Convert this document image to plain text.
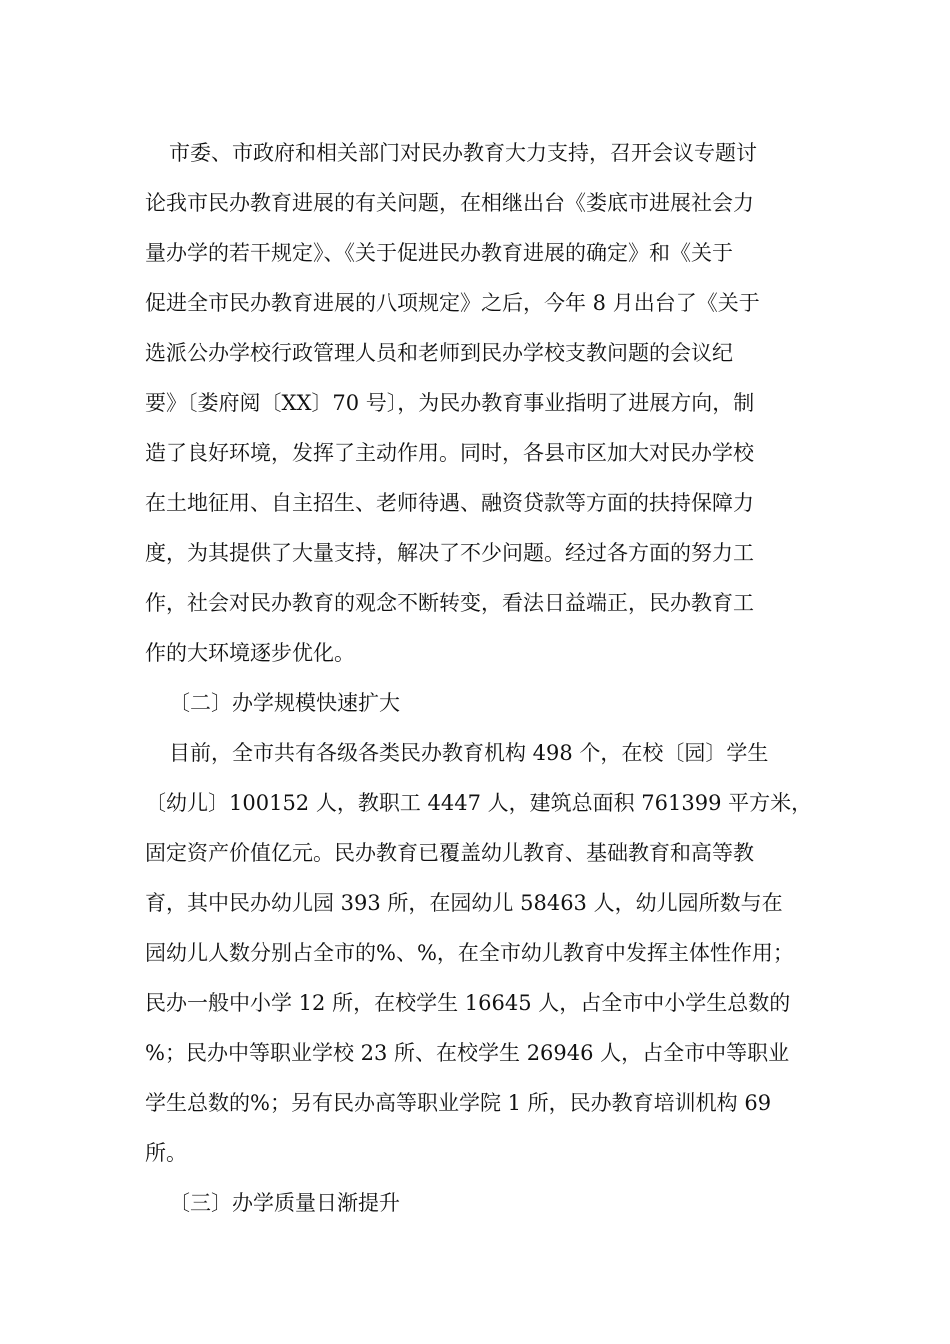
市委、市政府和相关部门对民办教育大力支持，召开会议专题讨
论我市民办教育进展的有关问题，在相继出台《娄底市进展社会力
量办学的若干规定》、《关于促进民办教育进展的确定》和《关于
促进全市民办教育进展的八项规定》之后，今年 8 月出台了《关于
选派公办学校行政管理人员和老师到民办学校支教问题的会议纪
要》〔娄府阅〔XX〕70 号〕，为民办教育事业指明了进展方向，制
造了良好环境，发挥了主动作用。同时，各县市区加大对民办学校
在土地征用、自主招生、老师待遇、融资贷款等方面的扶持保障力
度，为其提供了大量支持，解决了不少问题。经过各方面的努力工
作，社会对民办教育的观念不断转变，看法日益端正，民办教育工
作的大环境逐步优化。
〔二〕办学规模快速扩大
目前，全市共有各级各类民办教育机构 498 个，在校〔园〕学生
〔幼儿〕100152 人，教职工 4447 人，建筑总面积 761399 平方米，
固定资产价值亿元。民办教育已覆盖幼儿教育、基础教育和高等教
育，其中民办幼儿园 393 所，在园幼儿 58463 人，幼儿园所数与在
园幼儿人数分别占全市的%、%，在全市幼儿教育中发挥主体性作用；
民办一般中小学 12 所，在校学生 16645 人，占全市中小学生总数的
%；民办中等职业学校 23 所、在校学生 26946 人，占全市中等职业
学生总数的%；另有民办高等职业学院 1 所，民办教育培训机构 69
所。
〔三〕办学质量日渐提升
